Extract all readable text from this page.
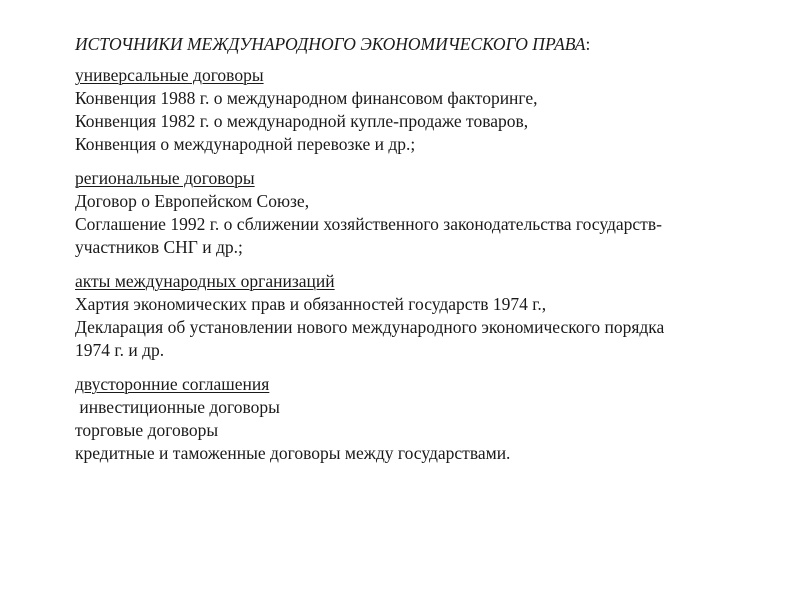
ИСТОЧНИКИ МЕЖДУНАРОДНОГО ЭКОНОМИЧЕСКОГО ПРАВА:
универсальные договоры
Конвенция 1988 г. о международном финансовом факторинге,
Конвенция 1982 г. о международной купле-продаже товаров,
Конвенция о международной перевозке и др.;
региональные договоры
Договор о Европейском Союзе,
Соглашение 1992 г. о сближении хозяйственного законодательства государств-
участников СНГ и др.;
акты международных организаций
Хартия экономических прав и обязанностей государств 1974 г.,
Декларация об установлении нового международного экономического порядка
1974 г. и др.
двусторонние соглашения
инвестиционные договоры
торговые договоры
кредитные и таможенные договоры между государствами.
